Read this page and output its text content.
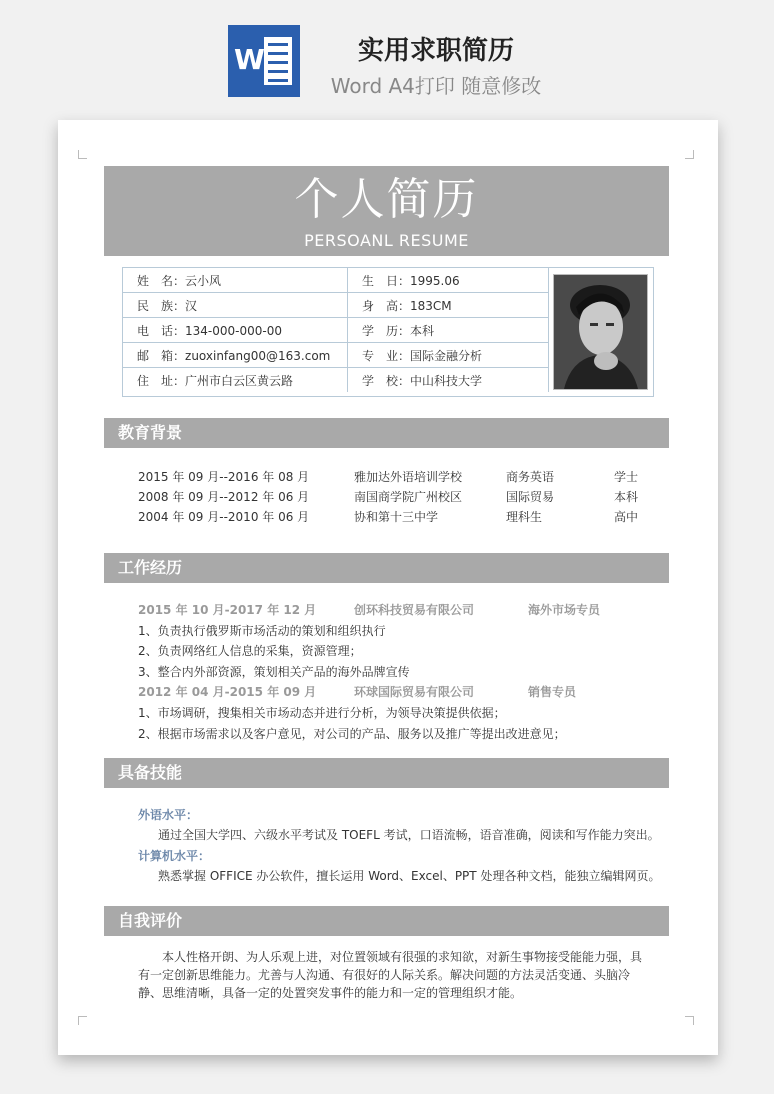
W	实用求职简历
Word A4打印 随意修改
个人简历
PERSOANL RESUME
姓　名：云小风	生　日：1995.06
民　族：汉	身　高：183CM
电　话：134-000-000-00	学　历：本科
邮　箱：zuoxinfang00@163.com	专　业：国际金融分析
住　址：广州市白云区黄云路	学　校：中山科技大学
教育背景
2015 年 09 月--2016 年 08 月	雅加达外语培训学校	商务英语	学士
2008 年 09 月--2012 年 06 月	南国商学院广州校区	国际贸易	本科
2004 年 09 月--2010 年 06 月	协和第十三中学	理科生	高中
工作经历
2015 年 10 月-2017 年 12 月	创环科技贸易有限公司	海外市场专员
1、负责执行俄罗斯市场活动的策划和组织执行
2、负责网络红人信息的采集，资源管理；
3、整合内外部资源，策划相关产品的海外品牌宣传
2012 年 04 月-2015 年 09 月	环球国际贸易有限公司	销售专员
1、市场调研，搜集相关市场动态并进行分析，为领导决策提供依据；
2、根据市场需求以及客户意见，对公司的产品、服务以及推广等提出改进意见；
具备技能
外语水平：
通过全国大学四、六级水平考试及 TOEFL 考试，口语流畅，语音准确，阅读和写作能力突出。
计算机水平：
熟悉掌握 OFFICE 办公软件，擅长运用 Word、Excel、PPT 处理各种文档，能独立编辑网页。
自我评价
本人性格开朗、为人乐观上进，对位置领域有很强的求知欲，对新生事物接受能能力强，具有一定创新思维能力。尤善与人沟通、有很好的人际关系。解决问题的方法灵活变通、头脑冷静、思维清晰，具备一定的处置突发事件的能力和一定的管理组织才能。
